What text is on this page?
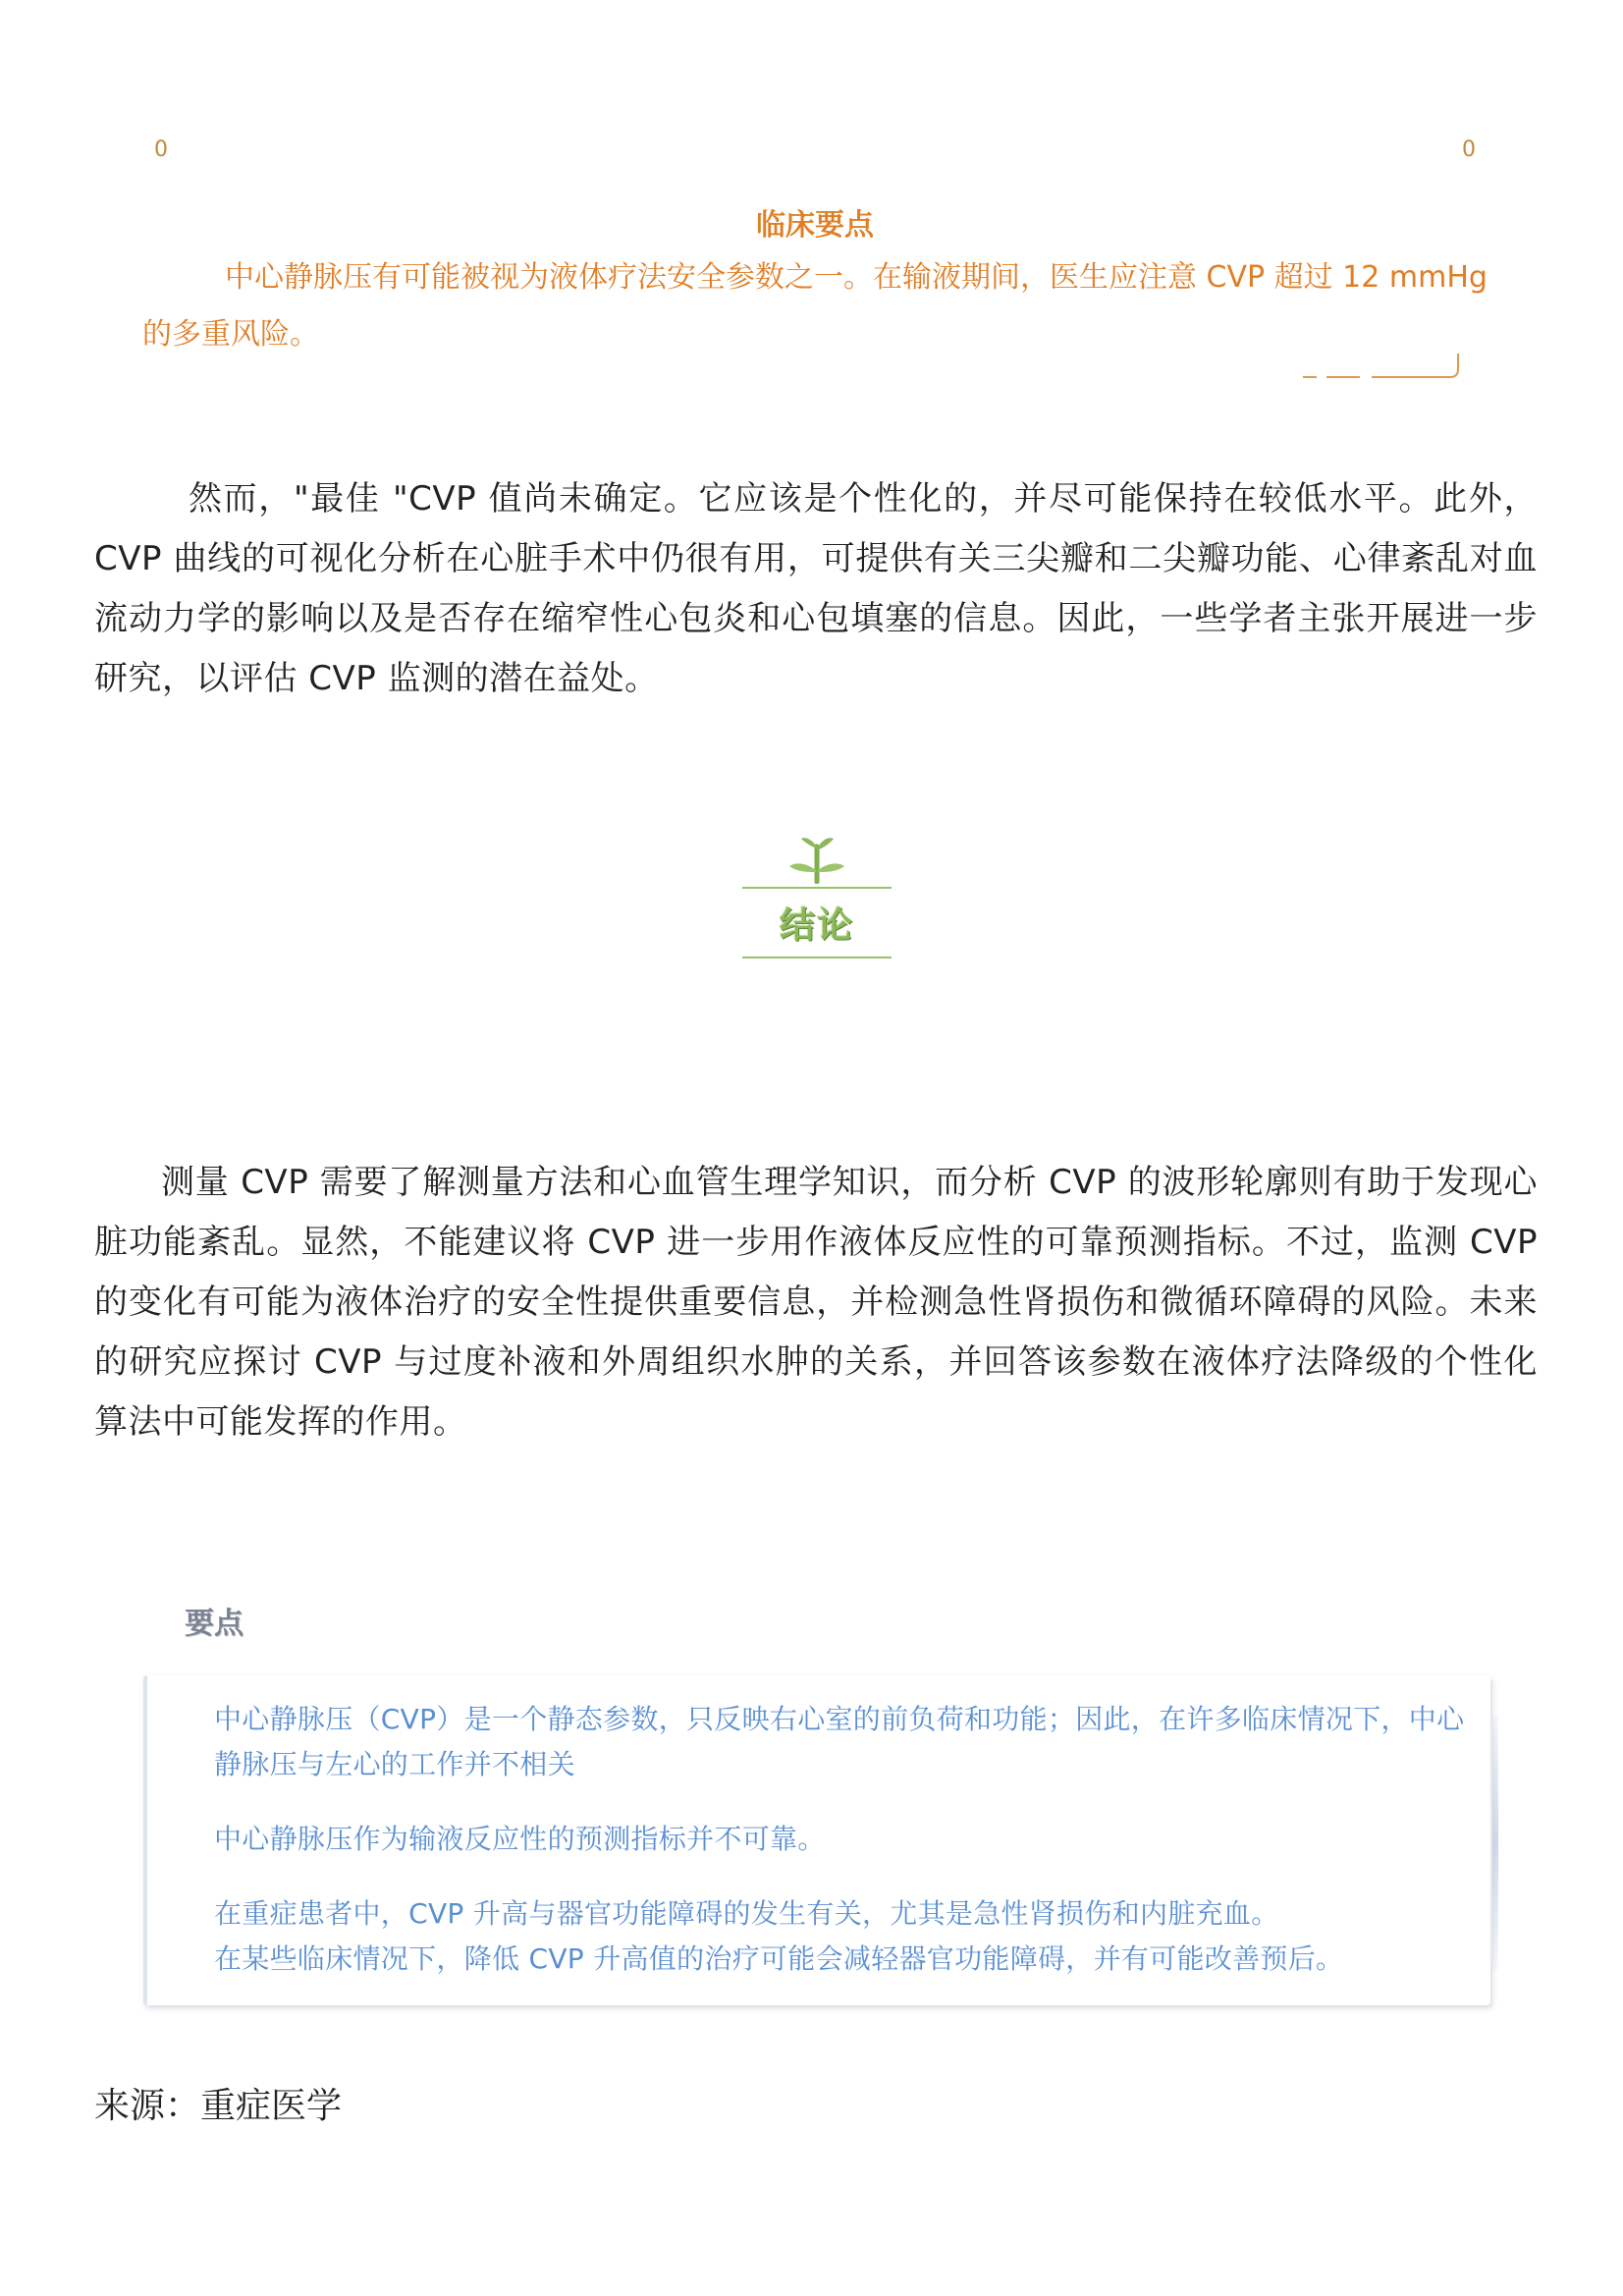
0	0
临床要点
中心静脉压有可能被视为液体疗法安全参数之一。在输液期间，医生应注意 CVP 超过 12 mmHg 的多重风险。

然而，"最佳 "CVP 值尚未确定。它应该是个性化的，并尽可能保持在较低水平。此外，CVP 曲线的可视化分析在心脏手术中仍很有用，可提供有关三尖瓣和二尖瓣功能、心律紊乱对血流动力学的影响以及是否存在缩窄性心包炎和心包填塞的信息。因此，一些学者主张开展进一步研究，以评估 CVP 监测的潜在益处。

结论

测量 CVP 需要了解测量方法和心血管生理学知识，而分析 CVP 的波形轮廓则有助于发现心脏功能紊乱。显然，不能建议将 CVP 进一步用作液体反应性的可靠预测指标。不过，监测 CVP 的变化有可能为液体治疗的安全性提供重要信息，并检测急性肾损伤和微循环障碍的风险。未来的研究应探讨 CVP 与过度补液和外周组织水肿的关系，并回答该参数在液体疗法降级的个性化算法中可能发挥的作用。

要点
中心静脉压（CVP）是一个静态参数，只反映右心室的前负荷和功能；因此，在许多临床情况下，中心静脉压与左心的工作并不相关
中心静脉压作为输液反应性的预测指标并不可靠。
在重症患者中，CVP 升高与器官功能障碍的发生有关，尤其是急性肾损伤和内脏充血。
在某些临床情况下，降低 CVP 升高值的治疗可能会减轻器官功能障碍，并有可能改善预后。
来源：重症医学
